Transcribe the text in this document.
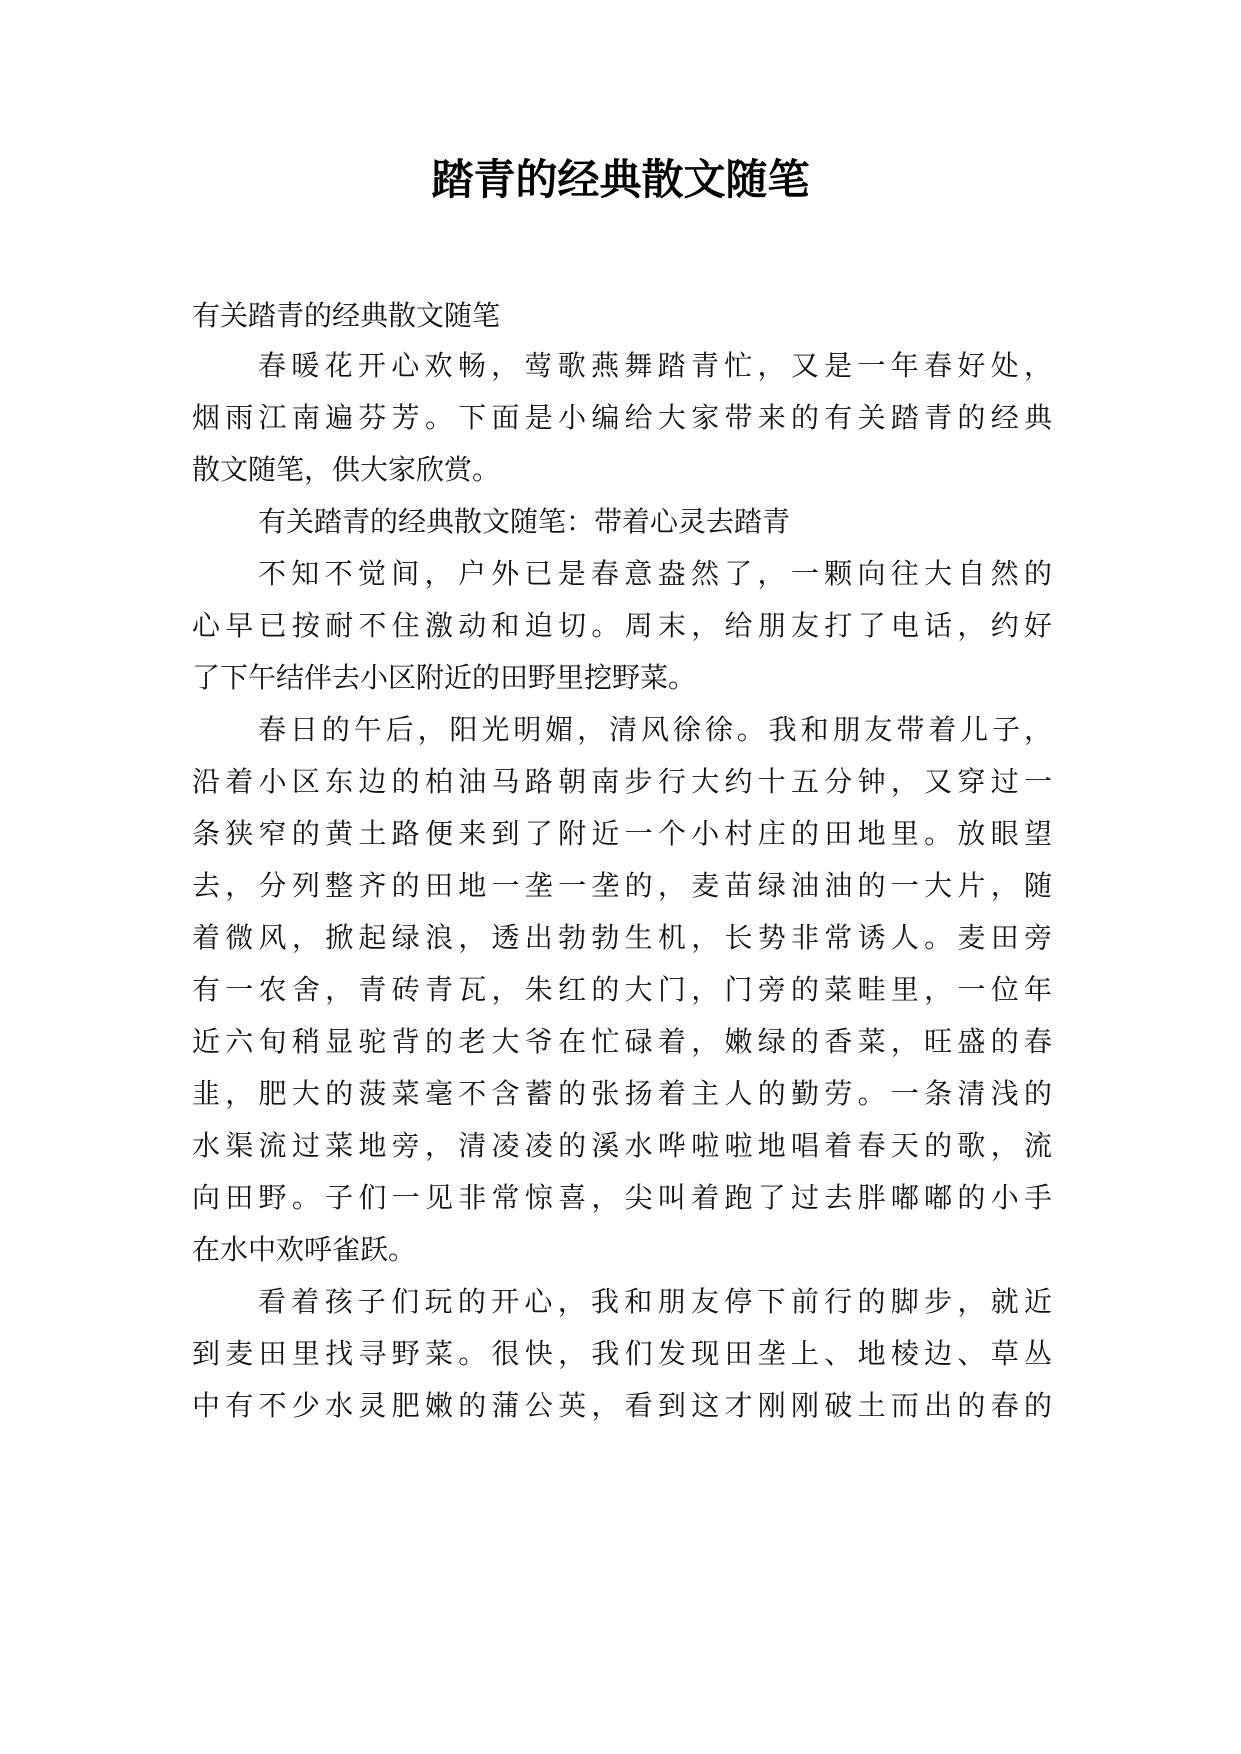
踏青的经典散文随笔
有关踏青的经典散文随笔
春暖花开心欢畅，莺歌燕舞踏青忙，又是一年春好处，
烟雨江南遍芬芳。下面是小编给大家带来的有关踏青的经典
散文随笔，供大家欣赏。
有关踏青的经典散文随笔：带着心灵去踏青
不知不觉间，户外已是春意盎然了，一颗向往大自然的
心早已按耐不住激动和迫切。周末，给朋友打了电话，约好
了下午结伴去小区附近的田野里挖野菜。
春日的午后，阳光明媚，清风徐徐。我和朋友带着儿子，
沿着小区东边的柏油马路朝南步行大约十五分钟，又穿过一
条狭窄的黄土路便来到了附近一个小村庄的田地里。放眼望
去，分列整齐的田地一垄一垄的，麦苗绿油油的一大片，随
着微风，掀起绿浪，透出勃勃生机，长势非常诱人。麦田旁
有一农舍，青砖青瓦，朱红的大门，门旁的菜畦里，一位年
近六旬稍显驼背的老大爷在忙碌着，嫩绿的香菜，旺盛的春
韭，肥大的菠菜毫不含蓄的张扬着主人的勤劳。一条清浅的
水渠流过菜地旁，清凌凌的溪水哗啦啦地唱着春天的歌，流
向田野。子们一见非常惊喜，尖叫着跑了过去胖嘟嘟的小手
在水中欢呼雀跃。
看着孩子们玩的开心，我和朋友停下前行的脚步，就近
到麦田里找寻野菜。很快，我们发现田垄上、地棱边、草丛
中有不少水灵肥嫩的蒲公英，看到这才刚刚破土而出的春的
